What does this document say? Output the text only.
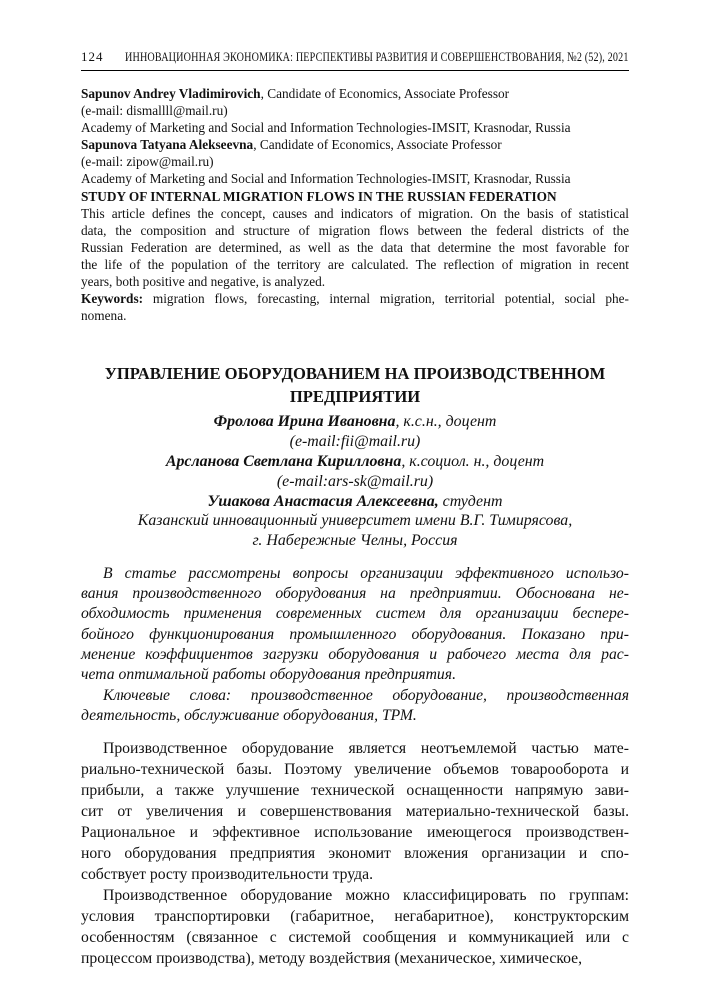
124 ИННОВАЦИОННАЯ ЭКОНОМИКА: ПЕРСПЕКТИВЫ РАЗВИТИЯ И СОВЕРШЕНСТВОВАНИЯ, №2 (52), 2021
Sapunov Andrey Vladimirovich, Candidate of Economics, Associate Professor
(e-mail: dismallll@mail.ru)
Academy of Marketing and Social and Information Technologies-IMSIT, Krasnodar, Russia
Sapunova Tatyana Alekseevna, Candidate of Economics, Associate Professor
(e-mail: zipow@mail.ru)
Academy of Marketing and Social and Information Technologies-IMSIT, Krasnodar, Russia
STUDY OF INTERNAL MIGRATION FLOWS IN THE RUSSIAN FEDERATION
This article defines the concept, causes and indicators of migration. On the basis of statistical
data, the composition and structure of migration flows between the federal districts of the
Russian Federation are determined, as well as the data that determine the most favorable for
the life of the population of the territory are calculated. The reflection of migration in recent
years, both positive and negative, is analyzed.
Keywords: migration flows, forecasting, internal migration, territorial potential, social phe-
nomena.
УПРАВЛЕНИЕ ОБОРУДОВАНИЕМ НА ПРОИЗВОДСТВЕННОМ ПРЕДПРИЯТИИ
Фролова Ирина Ивановна, к.с.н., доцент
(e-mail:fii@mail.ru)
Арсланова Светлана Кирилловна, к.социол. н., доцент
(e-mail:ars-sk@mail.ru)
Ушакова Анастасия Алексеевна, студент
Казанский инновационный университет имени В.Г. Тимирясова,
г. Набережные Челны, Россия
В статье рассмотрены вопросы организации эффективного использо-
вания производственного оборудования на предприятии. Обоснована не-
обходимость применения современных систем для организации беспере-
бойного функционирования промышленного оборудования. Показано при-
менение коэффициентов загрузки оборудования и рабочего места для рас-
чета оптимальной работы оборудования предприятия.
Ключевые слова: производственное оборудование, производственная
деятельность, обслуживание оборудования, ТРМ.
Производственное оборудование является неотъемлемой частью мате-
риально-технической базы. Поэтому увеличение объемов товарооборота и
прибыли, а также улучшение технической оснащенности напрямую зави-
сит от увеличения и совершенствования материально-технической базы.
Рациональное и эффективное использование имеющегося производствен-
ного оборудования предприятия экономит вложения организации и спо-
собствует росту производительности труда.
Производственное оборудование можно классифицировать по группам:
условия транспортировки (габаритное, негабаритное), конструкторским
особенностям (связанное с системой сообщения и коммуникацией или с
процессом производства), методу воздействия (механическое, химическое,
